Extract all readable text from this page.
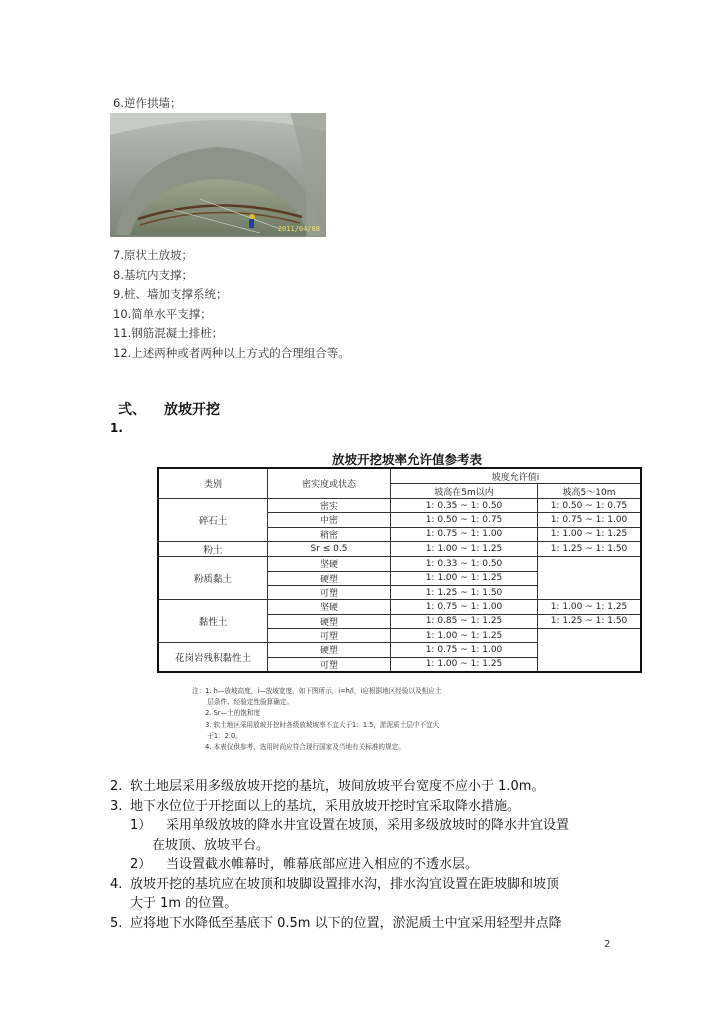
6.逆作拱墙；
2011/04/08
7.原状土放坡；
8.基坑内支撑；
9.桩、墙加支撑系统；
10.简单水平支撑；
11.钢筋混凝土排桩；
12.上述两种或者两种以上方式的合理组合等。
弍、 放坡开挖
1.
放坡开挖坡率允许值参考表
类别	密实度或状态	坡度允许值i	
		坡高在5m以内	坡高5～10m
碎石土	密实	1: 0.35 ~ 1: 0.50	1: 0.50 ~ 1: 0.75
	中密	1: 0.50 ~ 1: 0.75	1: 0.75 ~ 1: 1.00
	稍密	1: 0.75 ~ 1: 1.00	1: 1.00 ~ 1: 1.25
粉土	Sr ≤ 0.5	1: 1.00 ~ 1: 1.25	1: 1.25 ~ 1: 1.50
粉质黏土	坚硬	1: 0.33 ~ 1: 0.50	
	硬塑	1: 1.00 ~ 1: 1.25	
	可塑	1: 1.25 ~ 1: 1.50	
黏性土	坚硬	1: 0.75 ~ 1: 1.00	1: 1.00 ~ 1: 1.25
	硬塑	1: 0.85 ~ 1: 1.25	1: 1.25 ~ 1: 1.50
	可塑	1: 1.00 ~ 1: 1.25	
花岗岩残积黏性土	硬塑	1: 0.75 ~ 1: 1.00	
	可塑	1: 1.00 ~ 1: 1.25	
注：1. h—放坡高度，i—放坡宽度，如下图所示，i=h/l，i应根据地区经验以及相应土
　　 层条件、经验定性验算确定。
　　2. Sr—土的饱和度
　　3. 软土地区采用放坡开挖时各级放坡坡率不宜大于1：1.5，淤泥质土层中不宜大
　　 于1：2.0。
　　4. 本表仅供参考，选用时尚应符合现行国家及当地有关标准的规定。
2. 软土地层采用多级放坡开挖的基坑，坡间放坡平台宽度不应小于 1.0m。
3. 地下水位位于开挖面以上的基坑，采用放坡开挖时宜采取降水措施。
1） 采用单级放坡的降水井宜设置在坡顶，采用多级放坡时的降水井宜设置
在坡顶、放坡平台。
2） 当设置截水帷幕时，帷幕底部应进入相应的不透水层。
4. 放坡开挖的基坑应在坡顶和坡脚设置排水沟，排水沟宜设置在距坡脚和坡顶
大于 1m 的位置。
5. 应将地下水降低至基底下 0.5m 以下的位置，淤泥质土中宜采用轻型井点降
2
